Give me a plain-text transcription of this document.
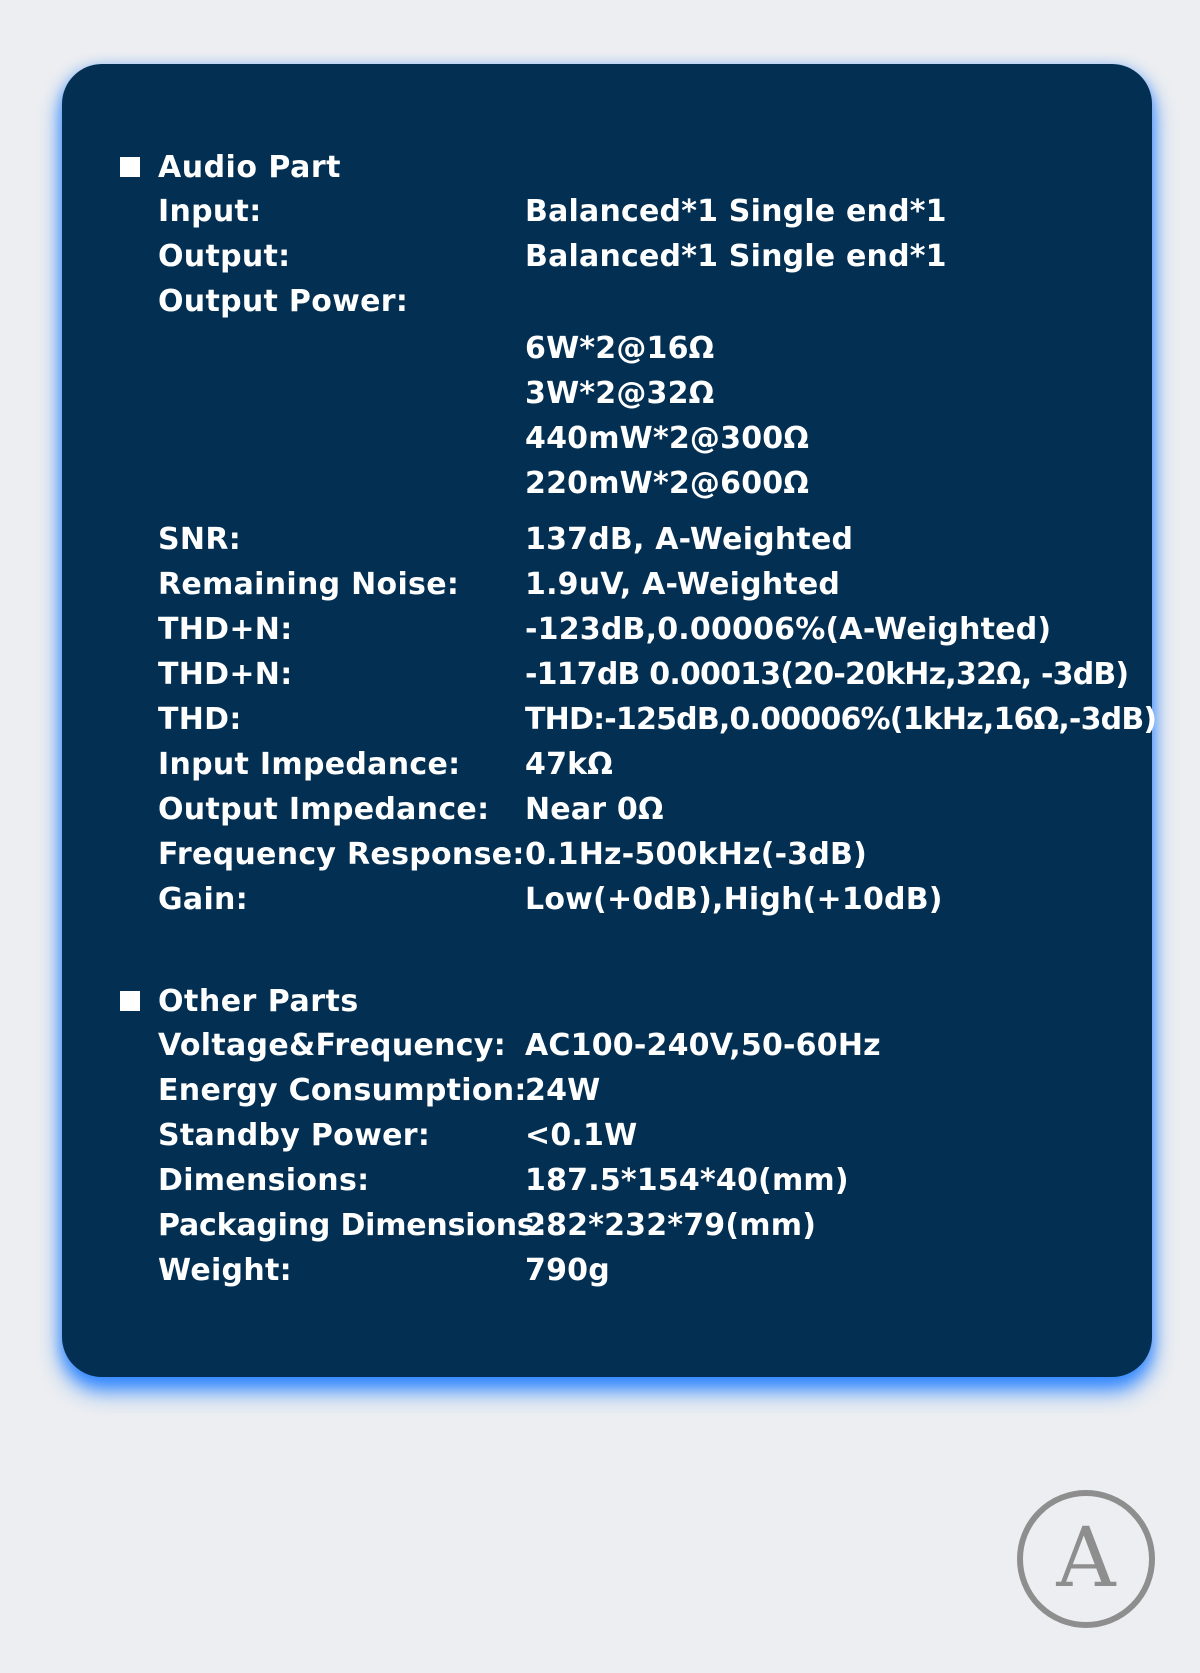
Audio Part
Input:	Balanced*1 Single end*1
Output:	Balanced*1 Single end*1
Output Power:
6W*2@16Ω
3W*2@32Ω
440mW*2@300Ω
220mW*2@600Ω
SNR:	137dB, A-Weighted
Remaining Noise: 1.9uV, A-Weighted
THD+N:	-123dB,0.00006%(A-Weighted)
THD+N:	-117dB 0.00013(20-20kHz,32Ω, -3dB)
THD:	THD:-125dB,0.00006%(1kHz,16Ω,-3dB)
Input Impedance: 47kΩ
Output Impedance: Near 0Ω
Frequency Response: 0.1Hz-500kHz(-3dB)
Gain:	Low(+0dB),High(+10dB)
Other Parts
Voltage&Frequency: AC100-240V,50-60Hz
Energy Consumption:
24W
Standby Power:	<0.1W
Dimensions:	187.5*154*40(mm)
Packaging Dimensions:
282*232*79(mm)
Weight:	790g
A
